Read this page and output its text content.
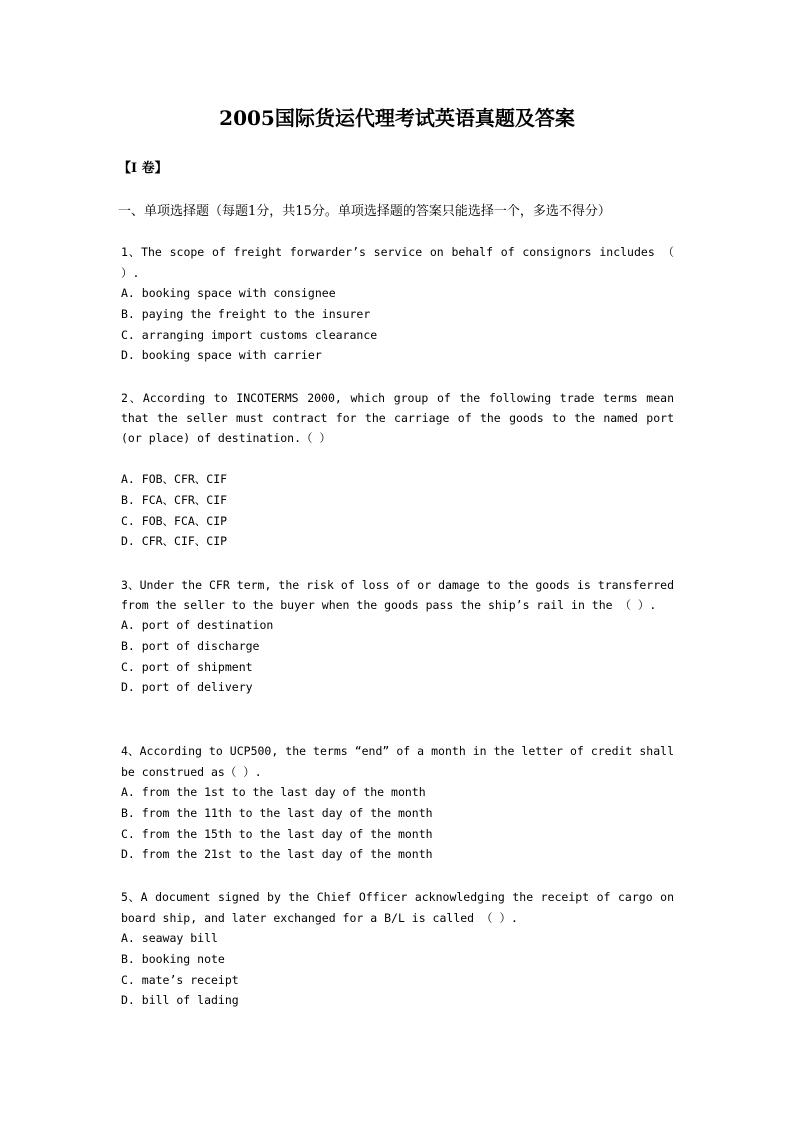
2005国际货运代理考试英语真题及答案
【Ⅰ 卷】
一、单项选择题（每题1分，共15分。单项选择题的答案只能选择一个，多选不得分）
1、The scope of freight forwarder’s service on behalf of consignors includes （ ）.
A. booking space with consignee
B. paying the freight to the insurer
C. arranging import customs clearance
D. booking space with carrier
2、According to INCOTERMS 2000, which group of the following trade terms mean that the seller must contract for the carriage of the goods to the named port (or place) of destination.（ ）
A. FOB、CFR、CIF
B. FCA、CFR、CIF
C. FOB、FCA、CIP
D. CFR、CIF、CIP
3、Under the CFR term, the risk of loss of or damage to the goods is transferred from the seller to the buyer when the goods pass the ship’s rail in the （ ）.
A. port of destination
B. port of discharge
C. port of shipment
D. port of delivery
4、According to UCP500, the terms “end” of a month in the letter of credit shall be construed as（ ）.
A. from the 1st to the last day of the month
B. from the 11th to the last day of the month
C. from the 15th to the last day of the month
D. from the 21st to the last day of the month
5、A document signed by the Chief Officer acknowledging the receipt of cargo on board ship, and later exchanged for a B/L is called （ ）.
A. seaway bill
B. booking note
C. mate’s receipt
D. bill of lading
